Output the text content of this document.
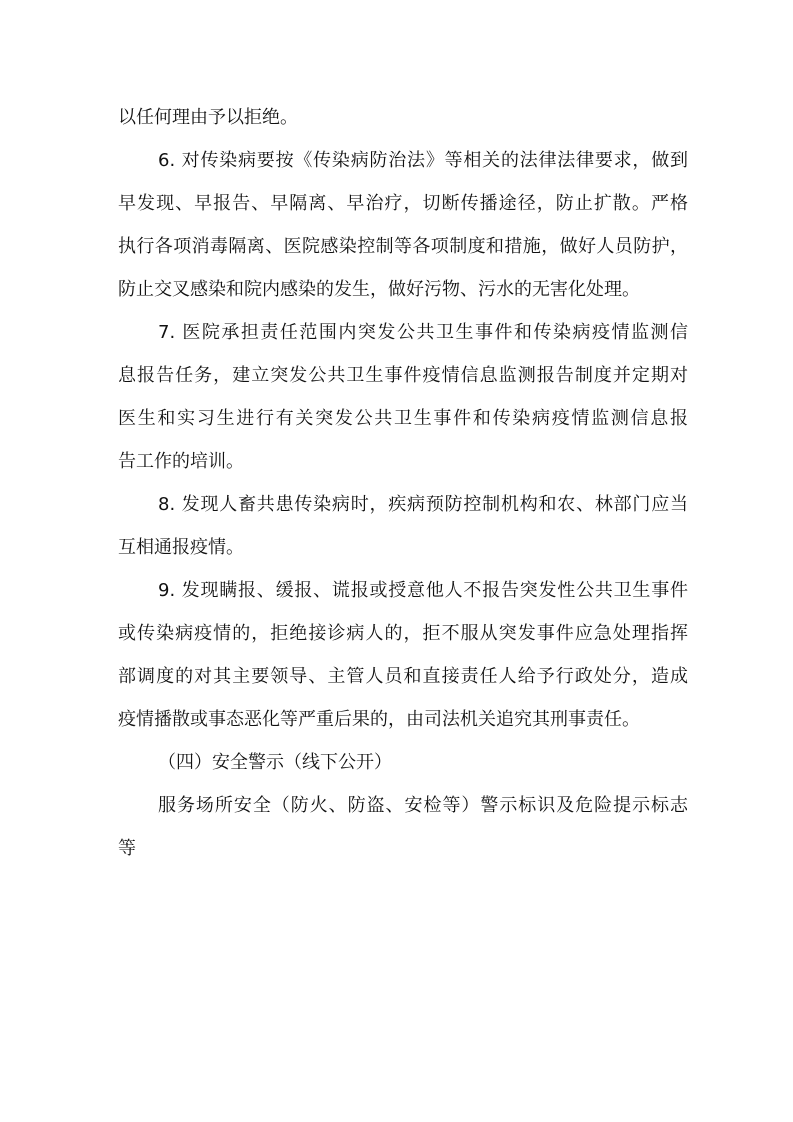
以任何理由予以拒绝。

6. 对传染病要按《传染病防治法》等相关的法律法律要求，做到

早发现、早报告、早隔离、早治疗，切断传播途径，防止扩散。严格

执行各项消毒隔离、医院感染控制等各项制度和措施，做好人员防护，

防止交叉感染和院内感染的发生，做好污物、污水的无害化处理。

7. 医院承担责任范围内突发公共卫生事件和传染病疫情监测信

息报告任务，建立突发公共卫生事件疫情信息监测报告制度并定期对

医生和实习生进行有关突发公共卫生事件和传染病疫情监测信息报

告工作的培训。

8. 发现人畜共患传染病时，疾病预防控制机构和农、林部门应当

互相通报疫情。

9. 发现瞒报、缓报、谎报或授意他人不报告突发性公共卫生事件

或传染病疫情的，拒绝接诊病人的，拒不服从突发事件应急处理指挥

部调度的对其主要领导、主管人员和直接责任人给予行政处分，造成

疫情播散或事态恶化等严重后果的，由司法机关追究其刑事责任。

（四）安全警示（线下公开）

服务场所安全（防火、防盗、安检等）警示标识及危险提示标志

等
